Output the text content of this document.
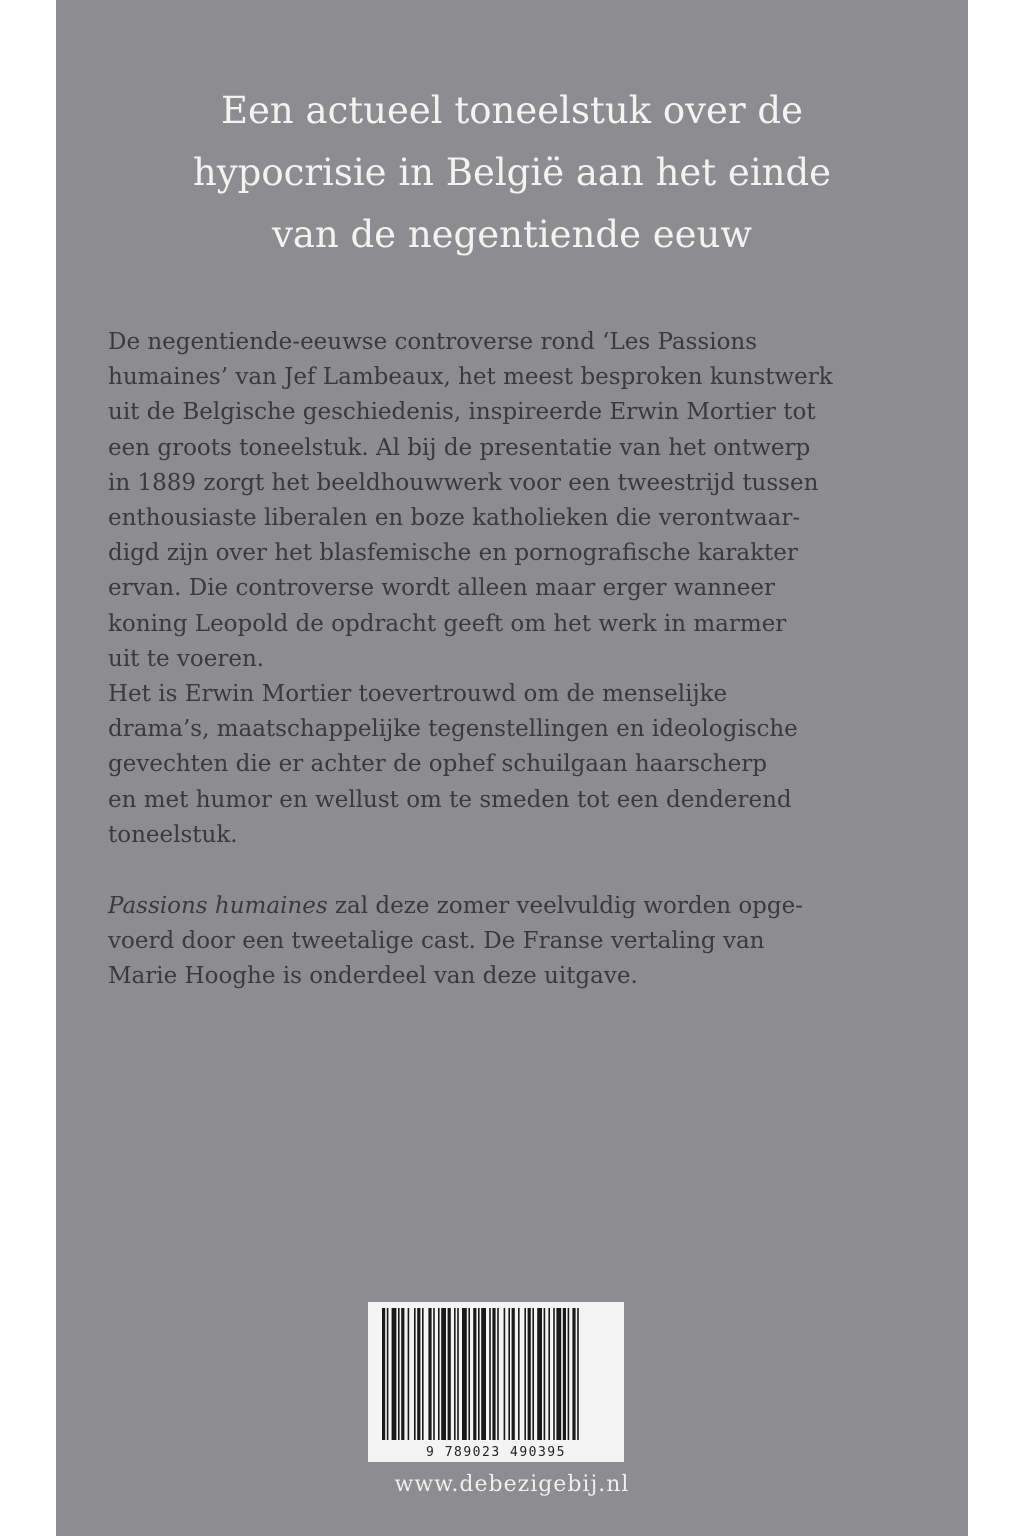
Een actueel toneelstuk over de
hypocrisie in België aan het einde
van de negentiende eeuw

De negentiende-eeuwse controverse rond ‘Les Passions
humaines’ van Jef Lambeaux, het meest besproken kunstwerk
uit de Belgische geschiedenis, inspireerde Erwin Mortier tot
een groots toneelstuk. Al bij de presentatie van het ontwerp
in 1889 zorgt het beeldhouwwerk voor een tweestrijd tussen
enthousiaste liberalen en boze katholieken die verontwaar-
digd zijn over het blasfemische en pornografische karakter
ervan. Die controverse wordt alleen maar erger wanneer
koning Leopold de opdracht geeft om het werk in marmer
uit te voeren.

Het is Erwin Mortier toevertrouwd om de menselijke
drama’s, maatschappelijke tegenstellingen en ideologische
gevechten die er achter de ophef schuilgaan haarscherp
en met humor en wellust om te smeden tot een denderend
toneelstuk.

Passions humaines zal deze zomer veelvuldig worden opge-
voerd door een tweetalige cast. De Franse vertaling van
Marie Hooghe is onderdeel van deze uitgave.

9 789023 490395
www.debezigebij.nl
